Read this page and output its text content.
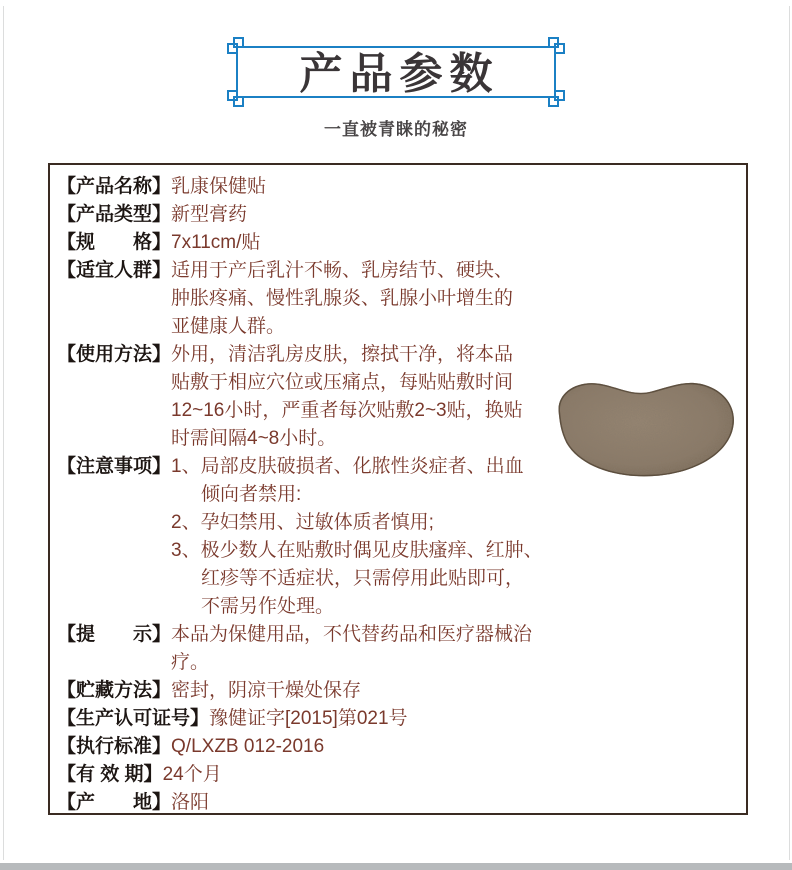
产品参数
一直被青睐的秘密
【产品名称】 乳康保健贴
【产品类型】 新型膏药
【规　　格】 7x11cm/贴
【适宜人群】 适用于产后乳汁不畅、乳房结节、硬块、
肿胀疼痛、慢性乳腺炎、乳腺小叶增生的
亚健康人群。
【使用方法】 外用，清洁乳房皮肤，擦拭干净，将本品
贴敷于相应穴位或压痛点，每贴贴敷时间
12~16小时，严重者每次贴敷2~3贴，换贴
时需间隔4~8小时。
【注意事项】 1、局部皮肤破损者、化脓性炎症者、出血
倾向者禁用:
2、孕妇禁用、过敏体质者慎用;
3、极少数人在贴敷时偶见皮肤瘙痒、红肿、
红疹等不适症状，只需停用此贴即可，
不需另作处理。
【提　　示】 本品为保健用品，不代替药品和医疗器械治
疗。
【贮藏方法】 密封，阴凉干燥处保存
【生产认可证号】 豫健证字[2015]第021号
【执行标准】 Q/LXZB 012-2016
【有 效 期】 24个月
【产　　地】 洛阳
